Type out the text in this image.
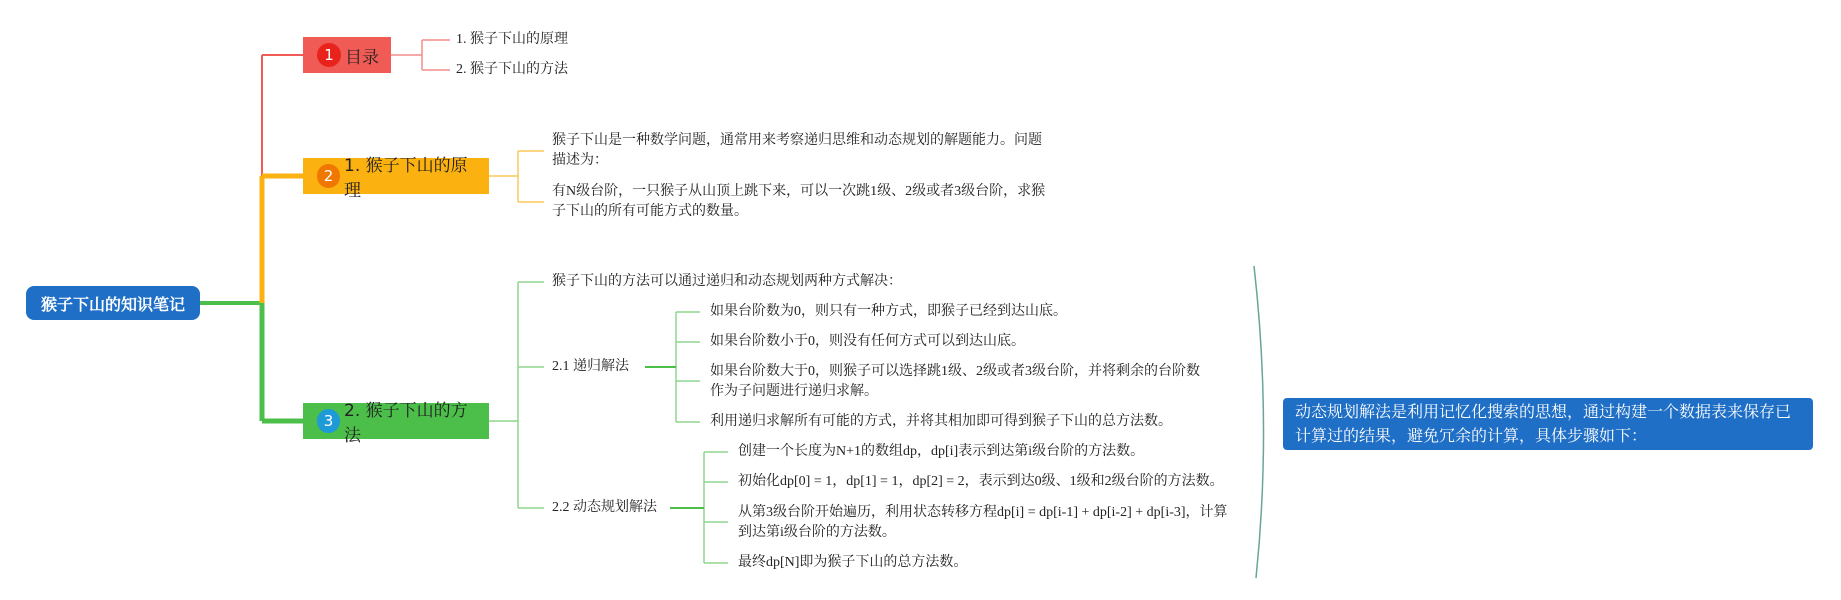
猴子下山的知识笔记
1 目录
1. 猴子下山的原理
2. 猴子下山的方法
2 1. 猴子下山的原理
猴子下山是一种数学问题，通常用来考察递归思维和动态规划的解题能力。问题描述为：
有N级台阶，一只猴子从山顶上跳下来，可以一次跳1级、2级或者3级台阶，求猴子下山的所有可能方式的数量。
3 2. 猴子下山的方法
猴子下山的方法可以通过递归和动态规划两种方式解决：
2.1 递归解法
如果台阶数为0，则只有一种方式，即猴子已经到达山底。
如果台阶数小于0，则没有任何方式可以到达山底。
如果台阶数大于0，则猴子可以选择跳1级、2级或者3级台阶，并将剩余的台阶数作为子问题进行递归求解。
利用递归求解所有可能的方式，并将其相加即可得到猴子下山的总方法数。
2.2 动态规划解法
创建一个长度为N+1的数组dp，dp[i]表示到达第i级台阶的方法数。
初始化dp[0] = 1，dp[1] = 1，dp[2] = 2，表示到达0级、1级和2级台阶的方法数。
从第3级台阶开始遍历，利用状态转移方程dp[i] = dp[i-1] + dp[i-2] + dp[i-3]，计算到达第i级台阶的方法数。
最终dp[N]即为猴子下山的总方法数。
动态规划解法是利用记忆化搜索的思想，通过构建一个数据表来保存已计算过的结果，避免冗余的计算，具体步骤如下：
